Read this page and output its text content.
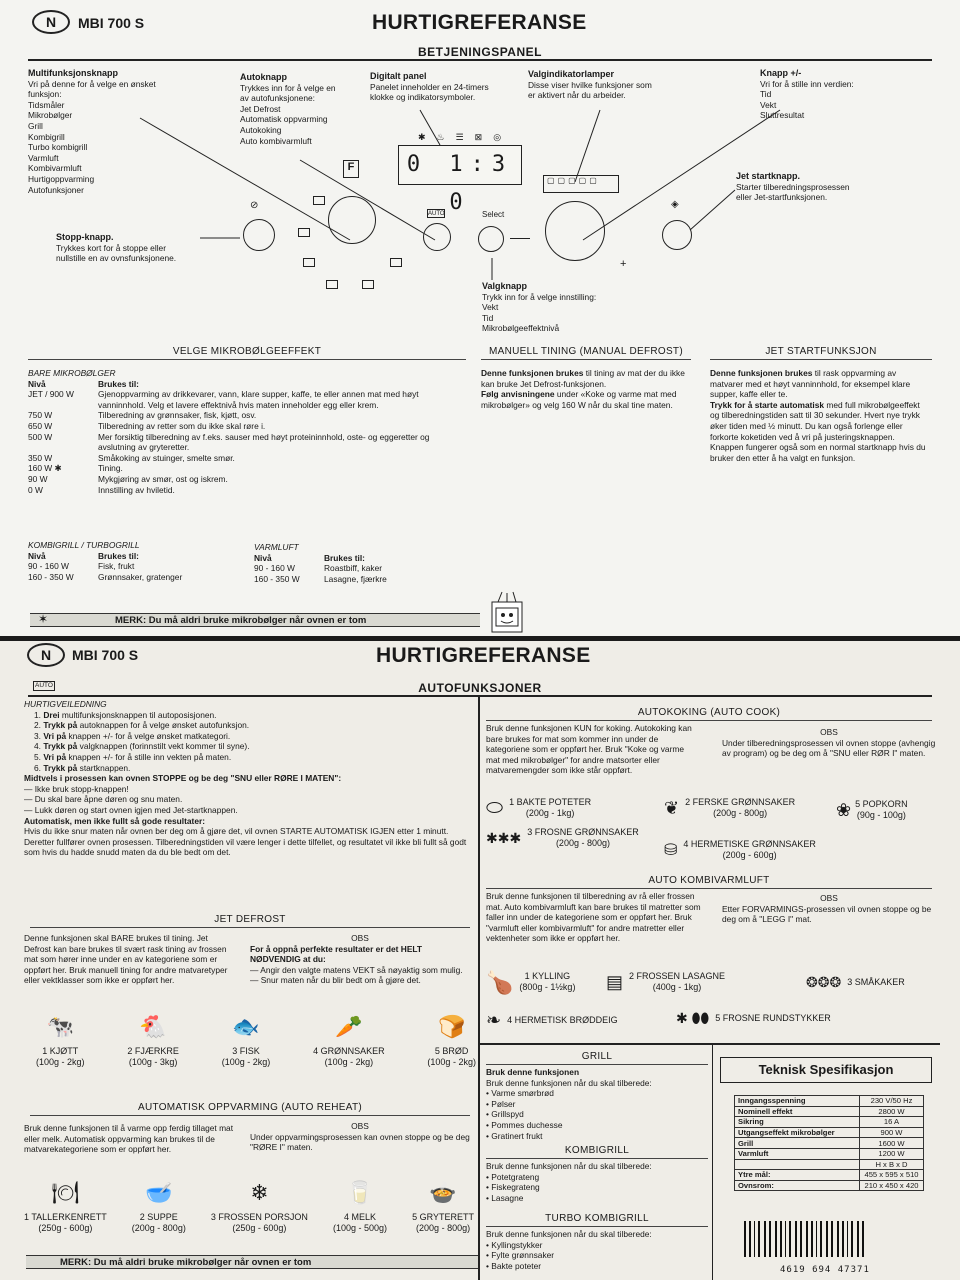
N	MBI 700 S	HURTIGREFERANSE
BETJENINGSPANEL
Multifunksjonsknapp
Vri på denne for å velge en ønsket
funksjon:
Tidsmåler
Mikrobølger
Grill
Kombigrill
Turbo kombigrill
Varmluft
Kombivarmluft
Hurtigoppvarming
Autofunksjoner
Autoknapp
Trykkes inn for å velge en
av autofunksjonene:
Jet Defrost
Automatisk oppvarming
Autokoking
Auto kombivarmluft
Digitalt panel
Panelet inneholder en 24-timers
klokke og indikatorsymboler.
Valgindikatorlamper
Disse viser hvilke funksjoner som
er aktivert når du arbeider.
Knapp +/-
Vri for å stille inn verdien:
Tid
Vekt
Sluttresultat
Jet startknapp.
Starter tilberedningsprosessen
eller Jet-startfunksjonen.
Stopp-knapp.
Trykkes kort for å stoppe eller
nullstille en av ovnsfunksjonene.
Valgknapp
Trykk inn for å velge innstilling:
Vekt
Tid
Mikrobølgeeffektnivå
⊘
F
AUTO
0 1:3 0
✱♨☰⊠◎
Select
+
▢▢▢▢▢
◈
VELGE MIKROBØLGEEFFEKT
BARE MIKROBØLGER
Nivå	Brukes til:
JET / 900 W	Gjenoppvarming av drikkevarer, vann, klare supper, kaffe, te eller annen mat med høyt vanninnhold. Velg et lavere effektnivå hvis maten inneholder egg eller krem.
750 W	Tilberedning av grønnsaker, fisk, kjøtt, osv.
650 W	Tilberedning av retter som du ikke skal røre i.
500 W	Mer forsiktig tilberedning av f.eks. sauser med høyt proteininnhold, oste- og eggeretter og avslutning av gryteretter.
350 W	Småkoking av stuinger, smelte smør.
160 W ✱	Tining.
90 W	Mykgjøring av smør, ost og iskrem.
0 W	Innstilling av hviletid.
KOMBIGRILL / TURBOGRILL
Nivå	Brukes til:
90 - 160 W	Fisk, frukt
160 - 350 W	Grønnsaker, gratenger
VARMLUFT
Nivå	Brukes til:
90 - 160 W	Roastbiff, kaker
160 - 350 W	Lasagne, fjærkre
MANUELL TINING (MANUAL DEFROST)

Denne funksjonen brukes til tining av mat der du ikke kan bruke Jet Defrost-funksjonen.

Følg anvisningene under «Koke og varme mat med mikrobølger» og velg 160 W når du skal tine maten.

JET STARTFUNKSJON

Denne funksjonen brukes til rask oppvarming av matvarer med et høyt vanninnhold, for eksempel klare supper, kaffe eller te.

Trykk for å starte automatisk med full mikrobølgeeffekt og tilberedningstiden satt til 30 sekunder. Hvert nye trykk øker tiden med ½ minutt. Du kan også forlenge eller forkorte koketiden ved å vri på justeringsknappen. Knappen fungerer også som en normal startknapp hvis du bruker den etter å ha valgt en funksjon.

MERK: Du må aldri bruke mikrobølger når ovnen er tom
✶
N	MBI 700 S	HURTIGREFERANSE
AUTO	AUTOFUNKSJONER
HURTIGVEILEDNING
1. Drei multifunksjonsknappen til autoposisjonen.
2. Trykk på autoknappen for å velge ønsket autofunksjon.
3. Vri på knappen +/- for å velge ønsket matkategori.
4. Trykk på valgknappen (forinnstilt vekt kommer til syne).
5. Vri på knappen +/- for å stille inn vekten på maten.
6. Trykk på startknappen.
Midtvels i prosessen kan ovnen STOPPE og be deg "SNU eller RØRE I MATEN":
— Ikke bruk stopp-knappen!
— Du skal bare åpne døren og snu maten.
— Lukk døren og start ovnen igjen med Jet-startknappen.
Automatisk, men ikke fullt så gode resultater:
Hvis du ikke snur maten når ovnen ber deg om å gjøre det, vil ovnen STARTE AUTOMATISK IGJEN etter 1 minutt. Deretter fullfører ovnen prosessen. Tilberedningstiden vil være lenger i dette tilfellet, og resultatet vil ikke bli fullt så godt som hvis du hadde snudd maten da du ble bedt om det.
JET DEFROST
Denne funksjonen skal BARE brukes til tining. Jet Defrost kan bare brukes til svært rask tining av frossen mat som hører inne under en av kategoriene som er oppført her. Bruk manuell tining for andre matvaretyper eller vektklasser som ikke er oppført her.
OBS
For å oppnå perfekte resultater er det HELT NØDVENDIG at du:
— Angir den valgte matens VEKT så nøyaktig som mulig.
— Snur maten når du blir bedt om å gjøre det.
🐄
1 KJØTT
(100g - 2kg)
🐔
2 FJÆRKRE
(100g - 3kg)
🐟
3 FISK
(100g - 2kg)
🥕
4 GRØNNSAKER
(100g - 2kg)
🍞
5 BRØD
(100g - 2kg)
AUTOMATISK OPPVARMING (AUTO REHEAT)
Bruk denne funksjonen til å varme opp ferdig tillaget mat eller melk. Automatisk oppvarming kan brukes til de matvarekategoriene som er oppført her.
OBS
Under oppvarmingsprosessen kan ovnen stoppe og be deg "RØRE I" maten.
🍽
1 TALLERKENRETT
(250g - 600g)
🥣
2 SUPPE
(200g - 800g)
❄
3 FROSSEN PORSJON
(250g - 600g)
🥛
4 MELK
(100g - 500g)
🍲
5 GRYTERETT
(200g - 800g)
MERK: Du må aldri bruke mikrobølger når ovnen er tom
AUTOKOKING (AUTO COOK)
Bruk denne funksjonen KUN for koking. Autokoking kan bare brukes for mat som kommer inn under de kategoriene som er oppført her. Bruk "Koke og varme mat med mikrobølger" for andre matsorter eller matvaremengder som ikke står oppført.
OBS
Under tilberedningsprosessen vil ovnen stoppe (avhengig av program) og be deg om å "SNU eller RØR I" maten.
⬭ 1 BAKTE POTETER
(200g - 1kg)	❦ 2 FERSKE GRØNNSAKER
(200g - 800g)	❀ 5 POPKORN
(90g - 100g)
✱✱✱ 3 FROSNE GRØNNSAKER
(200g - 800g)	⛁ 4 HERMETISKE GRØNNSAKER
(200g - 600g)
AUTO KOMBIVARMLUFT
Bruk denne funksjonen til tilberedning av rå eller frossen mat. Auto kombivarmluft kan bare brukes til matretter som faller inn under de kategoriene som er oppført her. Bruk "varmluft eller kombivarmluft" for andre matretter eller vektenheter som ikke er oppført her.
OBS
Etter FORVARMINGS-prosessen vil ovnen stoppe og be deg om å "LEGG I" mat.
🍗	1 KYLLING
(800g - 1½kg) ▤ 2 FROSSEN LASAGNE
(400g - 1kg)	❂❂❂ 3 SMÅKAKER
❧ 4 HERMETISK BRØDDEIG	✱ ⬮⬮ 5 FROSNE RUNDSTYKKER
GRILL
Bruk denne funksjonen
Bruk denne funksjonen når du skal tilberede:
• Varme smørbrød
• Pølser
• Grillspyd
• Pommes duchesse
• Gratinert frukt
KOMBIGRILL
Bruk denne funksjonen når du skal tilberede:
• Potetgrateng
• Fiskegrateng
• Lasagne
TURBO KOMBIGRILL
Bruk denne funksjonen når du skal tilberede:
• Kyllingstykker
• Fylte grønnsaker
• Bakte poteter
Teknisk Spesifikasjon
Inngangsspenning	230 V/50 Hz
Nominell effekt	2800 W
Sikring	16 A
Utgangseffekt mikrobølger	900 W
Grill	1600 W
Varmluft	1200 W
	H x B x D
Ytre mål:	455 x 595 x 510
Ovnsrom:	210 x 450 x 420
4619 694 47371
